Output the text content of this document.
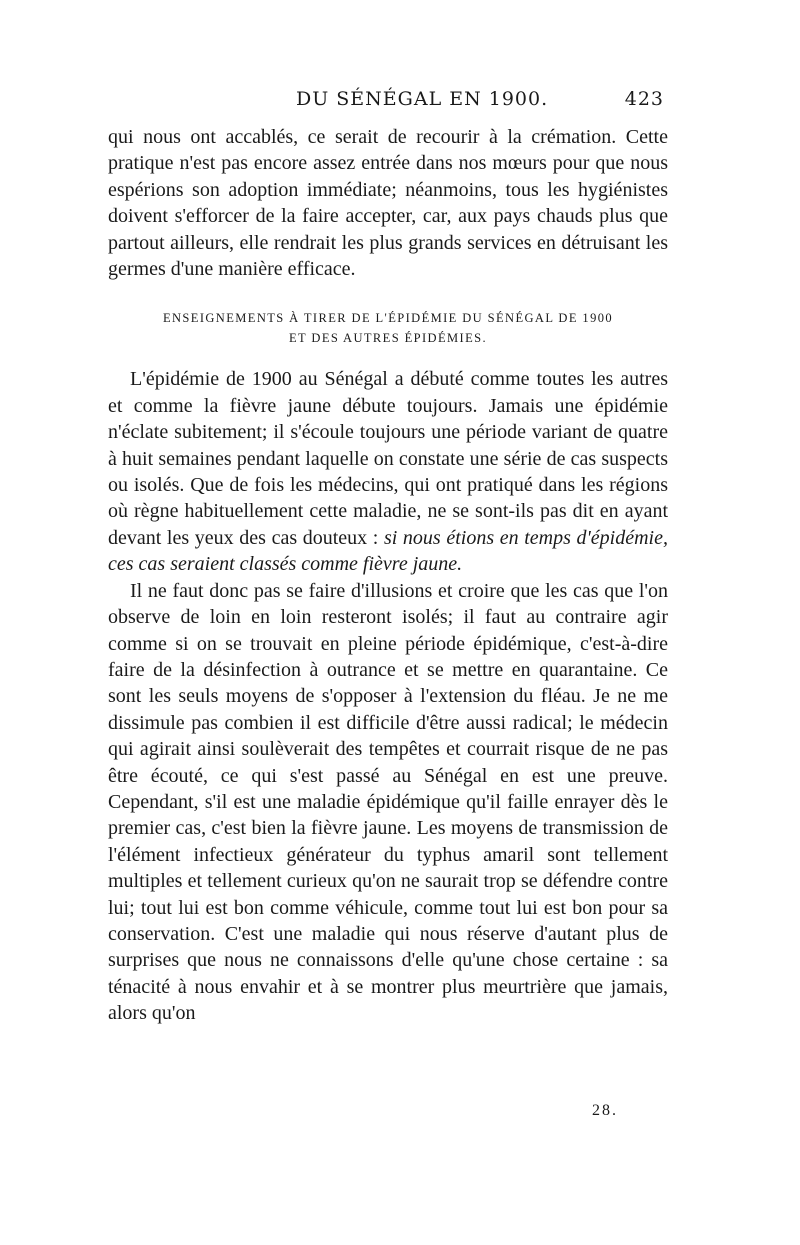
DU SÉNÉGAL EN 1900.	423

qui nous ont accablés, ce serait de recourir à la crémation. Cette pratique n'est pas encore assez entrée dans nos mœurs pour que nous espérions son adoption immédiate; néanmoins, tous les hygiénistes doivent s'efforcer de la faire accepter, car, aux pays chauds plus que partout ailleurs, elle rendrait les plus grands services en détruisant les germes d'une manière efficace.

ENSEIGNEMENTS À TIRER DE L'ÉPIDÉMIE DU SÉNÉGAL DE 1900
ET DES AUTRES ÉPIDÉMIES.

L'épidémie de 1900 au Sénégal a débuté comme toutes les autres et comme la fièvre jaune débute toujours. Jamais une épidémie n'éclate subitement; il s'écoule toujours une période variant de quatre à huit semaines pendant laquelle on constate une série de cas suspects ou isolés. Que de fois les médecins, qui ont pratiqué dans les régions où règne habituellement cette maladie, ne se sont-ils pas dit en ayant devant les yeux des cas douteux : si nous étions en temps d'épidémie, ces cas seraient classés comme fièvre jaune.

Il ne faut donc pas se faire d'illusions et croire que les cas que l'on observe de loin en loin resteront isolés; il faut au contraire agir comme si on se trouvait en pleine période épidémique, c'est-à-dire faire de la désinfection à outrance et se mettre en quarantaine. Ce sont les seuls moyens de s'opposer à l'extension du fléau. Je ne me dissimule pas combien il est difficile d'être aussi radical; le médecin qui agirait ainsi soulèverait des tempêtes et courrait risque de ne pas être écouté, ce qui s'est passé au Sénégal en est une preuve. Cependant, s'il est une maladie épidémique qu'il faille enrayer dès le premier cas, c'est bien la fièvre jaune. Les moyens de transmission de l'élément infectieux générateur du typhus amaril sont tellement multiples et tellement curieux qu'on ne saurait trop se défendre contre lui; tout lui est bon comme véhicule, comme tout lui est bon pour sa conservation. C'est une maladie qui nous réserve d'autant plus de surprises que nous ne connaissons d'elle qu'une chose certaine : sa ténacité à nous envahir et à se montrer plus meurtrière que jamais, alors qu'on

28.
